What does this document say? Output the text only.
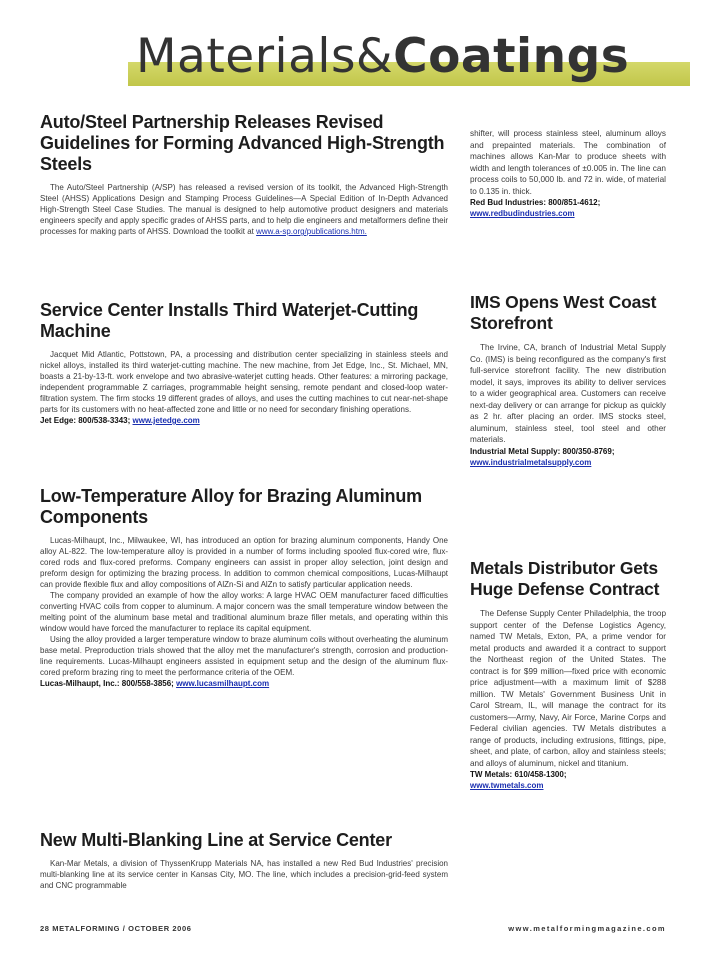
Materials&Coatings
Auto/Steel Partnership Releases Revised Guidelines for Forming Advanced High-Strength Steels

The Auto/Steel Partnership (A/SP) has released a revised version of its toolkit, the Advanced High-Strength Steel (AHSS) Applications Design and Stamping Process Guidelines—A Special Edition of In-Depth Advanced High-Strength Steel Case Studies. The manual is designed to help automotive product designers and materials engineers specify and apply specific grades of AHSS parts, and to help die engineers and metalformers define their processes for making parts of AHSS. Download the toolkit at www.a-sp.org/publications.htm.

Service Center Installs Third Waterjet-Cutting Machine

Jacquet Mid Atlantic, Pottstown, PA, a processing and distribution center specializing in stainless steels and nickel alloys, installed its third waterjet-cutting machine. The new machine, from Jet Edge, Inc., St. Michael, MN, boasts a 21-by-13-ft. work envelope and two abrasive-waterjet cutting heads. Other features: a mirroring package, independent programmable Z carriages, programmable height sensing, remote pendant and closed-loop water-filtration system. The firm stocks 19 different grades of alloys, and uses the cutting machines to cut near-net-shape parts for its customers with no heat-affected zone and little or no need for secondary finishing operations.

Jet Edge: 800/538-3343; www.jetedge.com
Low-Temperature Alloy for Brazing Aluminum Components

Lucas-Milhaupt, Inc., Milwaukee, WI, has introduced an option for brazing aluminum components, Handy One alloy AL-822. The low-temperature alloy is provided in a number of forms including spooled flux-cored wire, flux-cored rods and flux-cored preforms. Company engineers can assist in proper alloy selection, joint design and preform design for optimizing the brazing process. In addition to common chemical compositions, Lucas-Milhaupt can provide flexible flux and alloy compositions of AlZn-Si and AlZn to satisfy particular application needs.

The company provided an example of how the alloy works: A large HVAC OEM manufacturer faced difficulties converting HVAC coils from copper to aluminum. A major concern was the small temperature window between the melting point of the aluminum base metal and traditional aluminum braze filler metals, and operating within this window would have forced the manufacturer to replace its capital equipment.

Using the alloy provided a larger temperature window to braze aluminum coils without overheating the aluminum base metal. Preproduction trials showed that the alloy met the manufacturer's strength, corrosion and production-line requirements. Lucas-Milhaupt engineers assisted in equipment setup and the design of the aluminum flux-cored preform brazing ring to meet the performance criteria of the OEM.

Lucas-Milhaupt, Inc.: 800/558-3856; www.lucasmilhaupt.com
New Multi-Blanking Line at Service Center

Kan-Mar Metals, a division of ThyssenKrupp Materials NA, has installed a new Red Bud Industries' precision multi-blanking line at its service center in Kansas City, MO. The line, which includes a precision-grid-feed system and CNC programmable

shifter, will process stainless steel, aluminum alloys and prepainted materials. The combination of machines allows Kan-Mar to produce sheets with width and length tolerances of ±0.005 in. The line can process coils to 50,000 lb. and 72 in. wide, of material to 0.135 in. thick.

Red Bud Industries: 800/851-4612;
www.redbudindustries.com
IMS Opens West Coast Storefront

The Irvine, CA, branch of Industrial Metal Supply Co. (IMS) is being reconfigured as the company's first full-service storefront facility. The new distribution model, it says, improves its ability to deliver services to a wider geographical area. Customers can receive next-day delivery or can arrange for pickup as quickly as 2 hr. after placing an order. IMS stocks steel, aluminum, stainless steel, tool steel and other materials.

Industrial Metal Supply: 800/350-8769;
www.industrialmetalsupply.com
Metals Distributor Gets Huge Defense Contract

The Defense Supply Center Philadelphia, the troop support center of the Defense Logistics Agency, named TW Metals, Exton, PA, a prime vendor for metal products and awarded it a contract to support the Northeast region of the United States. The contract is for $99 million—fixed price with economic price adjustment—with a maximum limit of $288 million. TW Metals' Government Business Unit in Carol Stream, IL, will manage the contract for its customers—Army, Navy, Air Force, Marine Corps and Federal civilian agencies. TW Metals distributes a range of products, including extrusions, fittings, pipe, sheet, and plate, of carbon, alloy and stainless steels; and alloys of aluminum, nickel and titanium.

TW Metals: 610/458-1300;
www.twmetals.com
28 METALFORMING / OCTOBER 2006	www.metalformingmagazine.com
